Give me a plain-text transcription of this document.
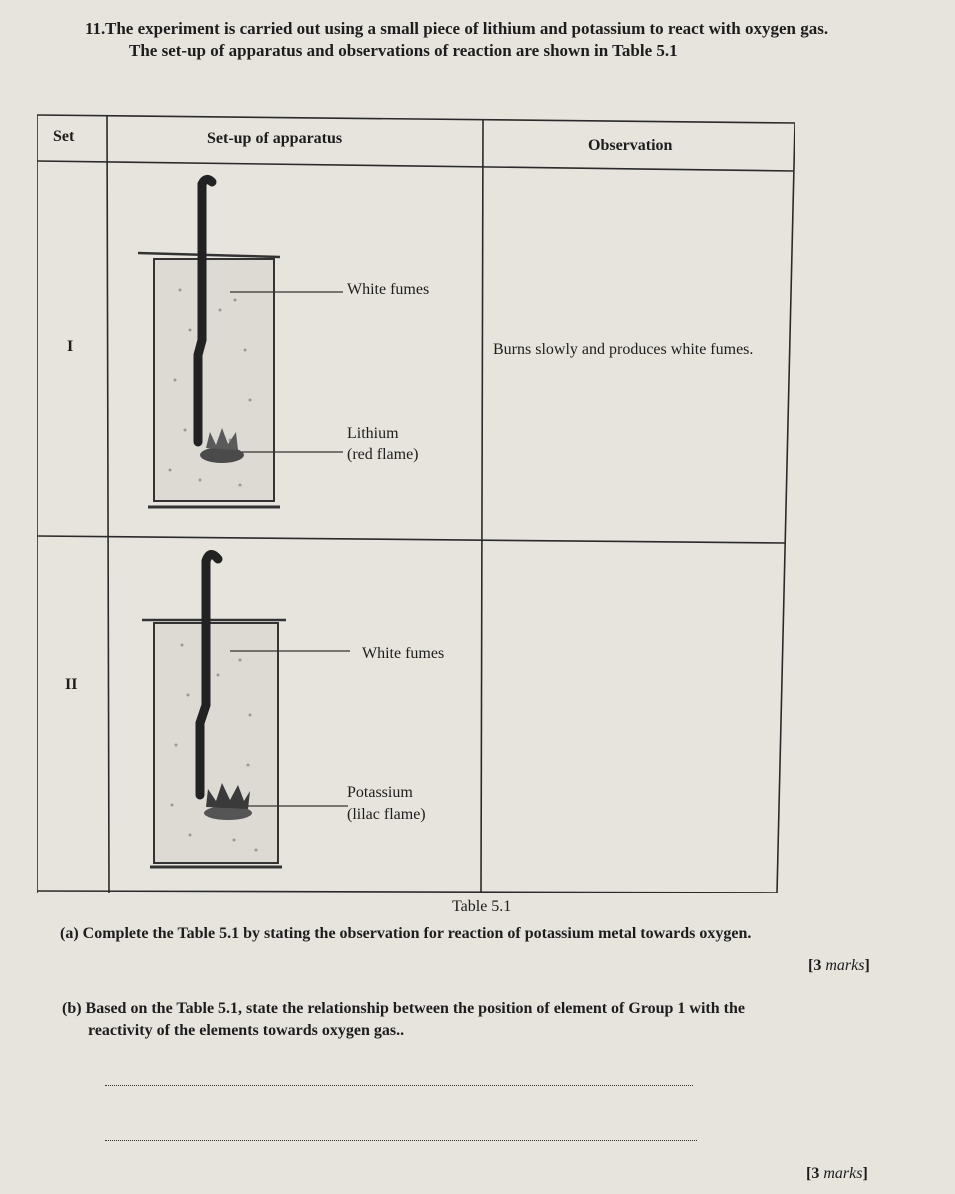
11. The experiment is carried out using a small piece of lithium and potassium to react with oxygen gas.
The set-up of apparatus and observations of reaction are shown in Table 5.1
Set	Set-up of apparatus	Observation
I
White fumes
Lithium
(red flame)
Burns slowly and produces white fumes.
II
White fumes
Potassium
(lilac flame)
Table 5.1
(a) Complete the Table 5.1 by stating the observation for reaction of potassium metal towards oxygen.
[3 marks]
(b) Based on the Table 5.1, state the relationship between the position of element of Group 1 with the
reactivity of the elements towards oxygen gas..
[3 marks]
